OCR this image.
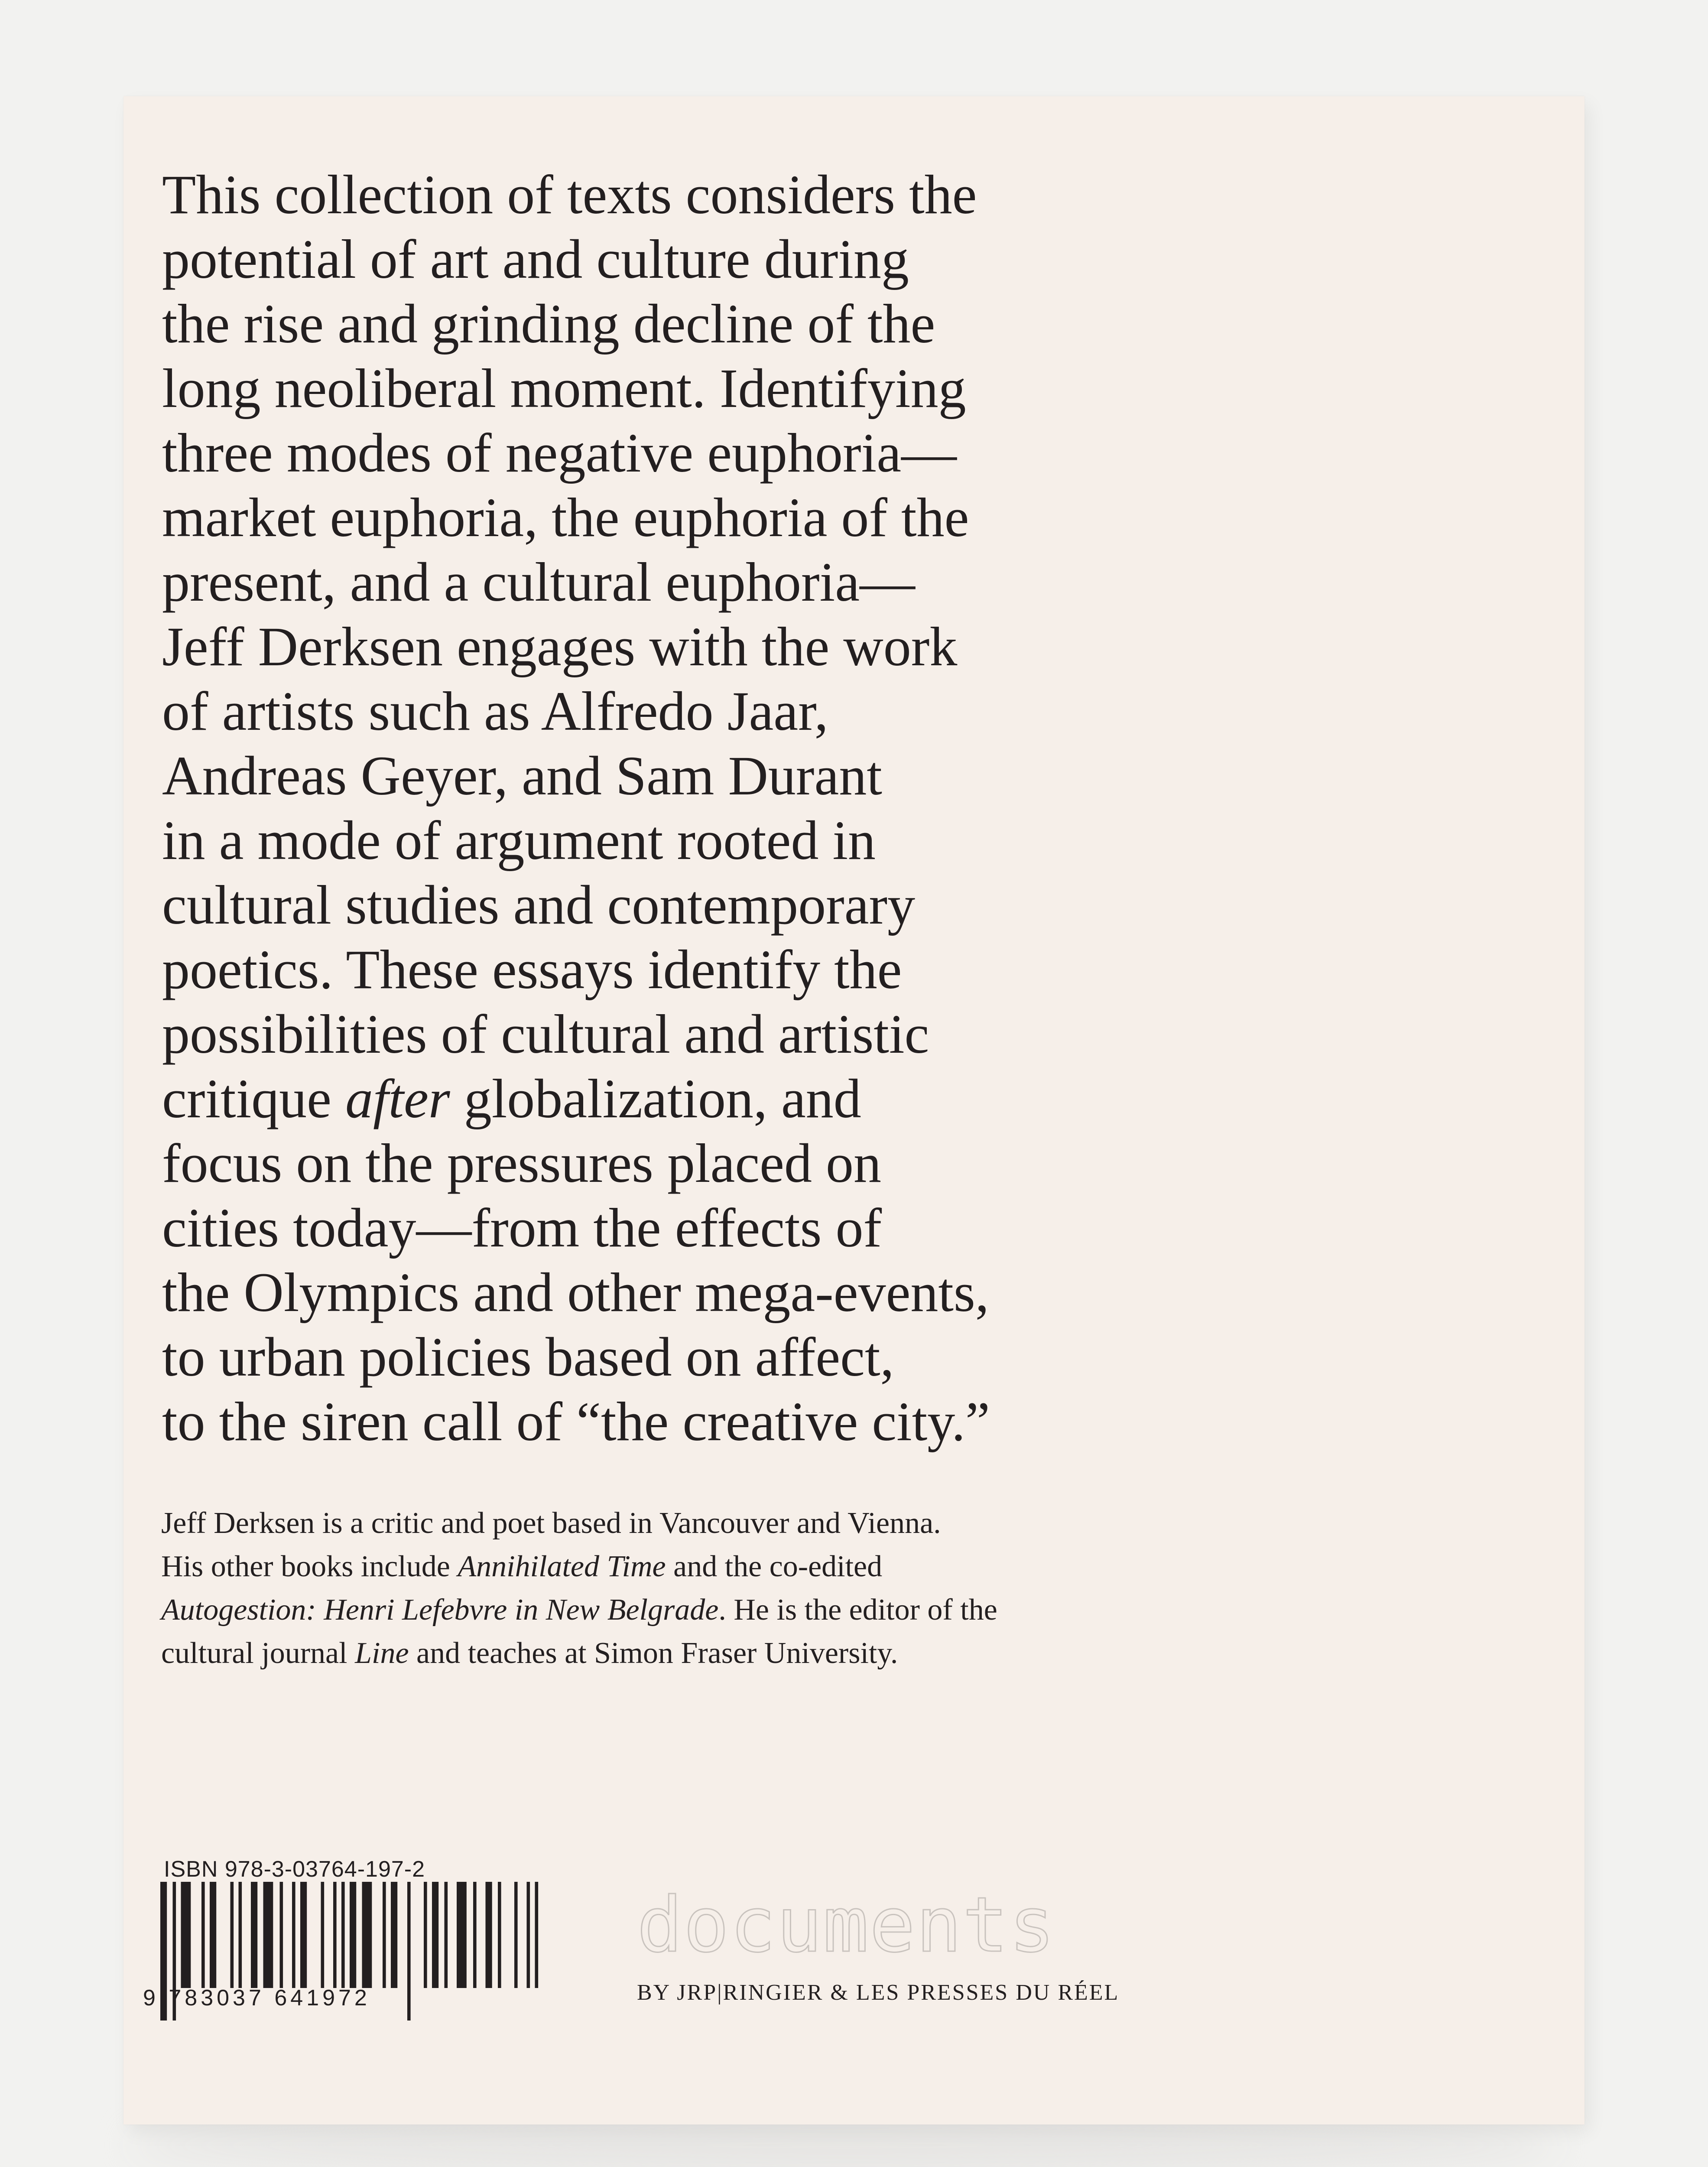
This collection of texts considers the
potential of art and culture during
the rise and grinding decline of the
long neoliberal moment. Identifying
three modes of negative euphoria—
market euphoria, the euphoria of the
present, and a cultural euphoria—
Jeff Derksen engages with the work
of artists such as Alfredo Jaar,
Andreas Geyer, and Sam Durant
in a mode of argument rooted in
cultural studies and contemporary
poetics. These essays identify the
possibilities of cultural and artistic
critique after globalization, and
focus on the pressures placed on
cities today—from the effects of
the Olympics and other mega-events,
to urban policies based on affect,
to the siren call of “the creative city.”

Jeff Derksen is a critic and poet based in Vancouver and Vienna.
His other books include Annihilated Time and the co-edited
Autogestion: Henri Lefebvre in New Belgrade. He is the editor of the
cultural journal Line and teaches at Simon Fraser University.

ISBN 978-3-03764-197-2
9 783037 641972
documents
BY JRP|RINGIER & LES PRESSES DU RÉEL
